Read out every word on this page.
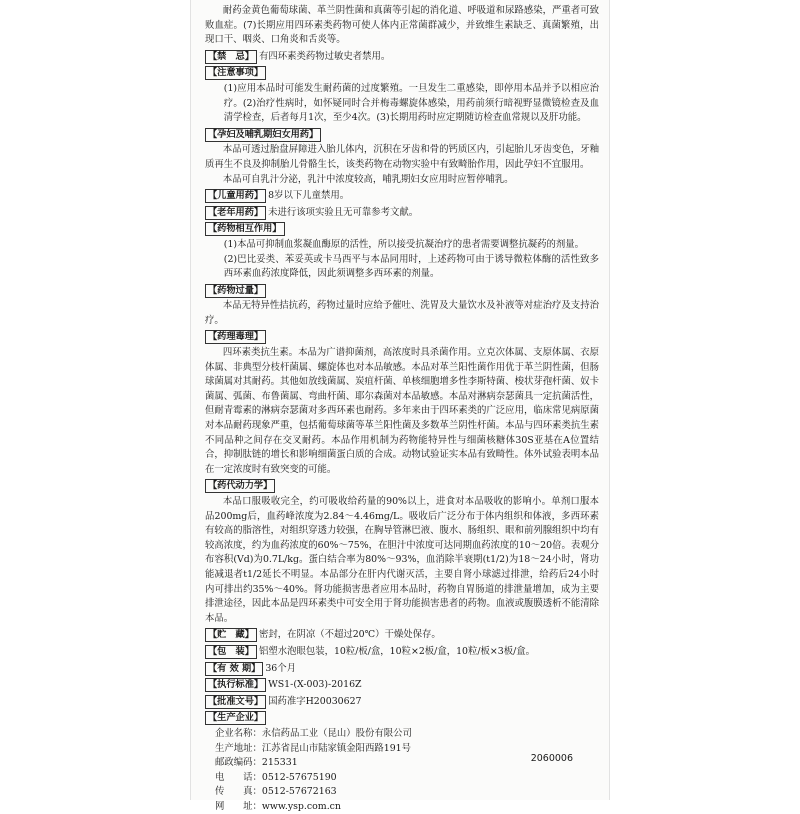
耐药金黄色葡萄球菌、革兰阴性菌和真菌等引起的消化道、呼吸道和尿路感染，严重者可致败血症。(7)长期应用四环素类药物可使人体内正常菌群减少，并致维生素缺乏、真菌繁殖，出现口干、咽炎、口角炎和舌炎等。

【禁　忌】 有四环素类药物过敏史者禁用。
【注意事项】

(1)应用本品时可能发生耐药菌的过度繁殖。一旦发生二重感染，即停用本品并予以相应治疗。(2)治疗性病时，如怀疑同时合并梅毒螺旋体感染，用药前须行暗视野显微镜检查及血清学检查，后者每月1次，至少4次。(3)长期用药时应定期随访检查血常规以及肝功能。

【孕妇及哺乳期妇女用药】

本品可透过胎盘屏障进入胎儿体内，沉积在牙齿和骨的钙质区内，引起胎儿牙齿变色，牙釉质再生不良及抑制胎儿骨骼生长，该类药物在动物实验中有致畸胎作用，因此孕妇不宜服用。

本品可自乳汁分泌，乳汁中浓度较高，哺乳期妇女应用时应暂停哺乳。

【儿童用药】 8岁以下儿童禁用。
【老年用药】 未进行该项实验且无可靠参考文献。
【药物相互作用】

(1)本品可抑制血浆凝血酶原的活性，所以接受抗凝治疗的患者需要调整抗凝药的剂量。

(2)巴比妥类、苯妥英或卡马西平与本品同用时，上述药物可由于诱导微粒体酶的活性致多西环素血药浓度降低，因此须调整多西环素的剂量。

【药物过量】

本品无特异性拮抗药，药物过量时应给予催吐、洗胃及大量饮水及补液等对症治疗及支持治疗。

【药理毒理】

四环素类抗生素。本品为广谱抑菌剂，高浓度时具杀菌作用。立克次体属、支原体属、衣原体属、非典型分枝杆菌属、螺旋体也对本品敏感。本品对革兰阳性菌作用优于革兰阴性菌，但肠球菌属对其耐药。其他如放线菌属、炭疽杆菌、单核细胞增多性李斯特菌、梭状芽孢杆菌、奴卡菌属、弧菌、布鲁菌属、弯曲杆菌、耶尔森菌对本品敏感。本品对淋病奈瑟菌具一定抗菌活性，但耐青霉素的淋病奈瑟菌对多西环素也耐药。多年来由于四环素类的广泛应用，临床常见病原菌对本品耐药现象严重，包括葡萄球菌等革兰阳性菌及多数革兰阴性杆菌。本品与四环素类抗生素不同品种之间存在交叉耐药。本品作用机制为药物能特异性与细菌核糖体30S亚基在A位置结合，抑制肽链的增长和影响细菌蛋白质的合成。动物试验证实本品有致畸性。体外试验表明本品在一定浓度时有致突变的可能。

【药代动力学】

本品口服吸收完全，约可吸收给药量的90%以上，进食对本品吸收的影响小。单剂口服本品200mg后，血药峰浓度为2.84～4.46mg/L。吸收后广泛分布于体内组织和体液，多西环素有较高的脂溶性，对组织穿透力较强，在胸导管淋巴液、腹水、肠组织、眼和前列腺组织中均有较高浓度，约为血药浓度的60%～75%，在胆汁中浓度可达同期血药浓度的10～20倍。表观分布容积(Vd)为0.7L/kg。蛋白结合率为80%～93%，血消除半衰期(t1/2)为18～24小时，肾功能减退者t1/2延长不明显。本品部分在肝内代谢灭活，主要自肾小球滤过排泄，给药后24小时内可排出约35%～40%。肾功能损害患者应用本品时，药物自胃肠道的排泄量增加，成为主要排泄途径，因此本品是四环素类中可安全用于肾功能损害患者的药物。血液或腹膜透析不能清除本品。

【贮　藏】 密封，在阴凉（不超过20℃）干燥处保存。
【包　装】 铝塑水泡眼包装，10粒/板/盒，10粒×2板/盒，10粒/板×3板/盒。
【有 效 期】 36个月
【执行标准】 WS1-(X-003)-2016Z
【批准文号】 国药准字H20030627
【生产企业】

企业名称：永信药品工业（昆山）股份有限公司

生产地址：江苏省昆山市陆家镇金阳西路191号

邮政编码：215331

电　　话：0512-57675190

传　　真：0512-57672163

网　　址：www.ysp.com.cn

2060006
